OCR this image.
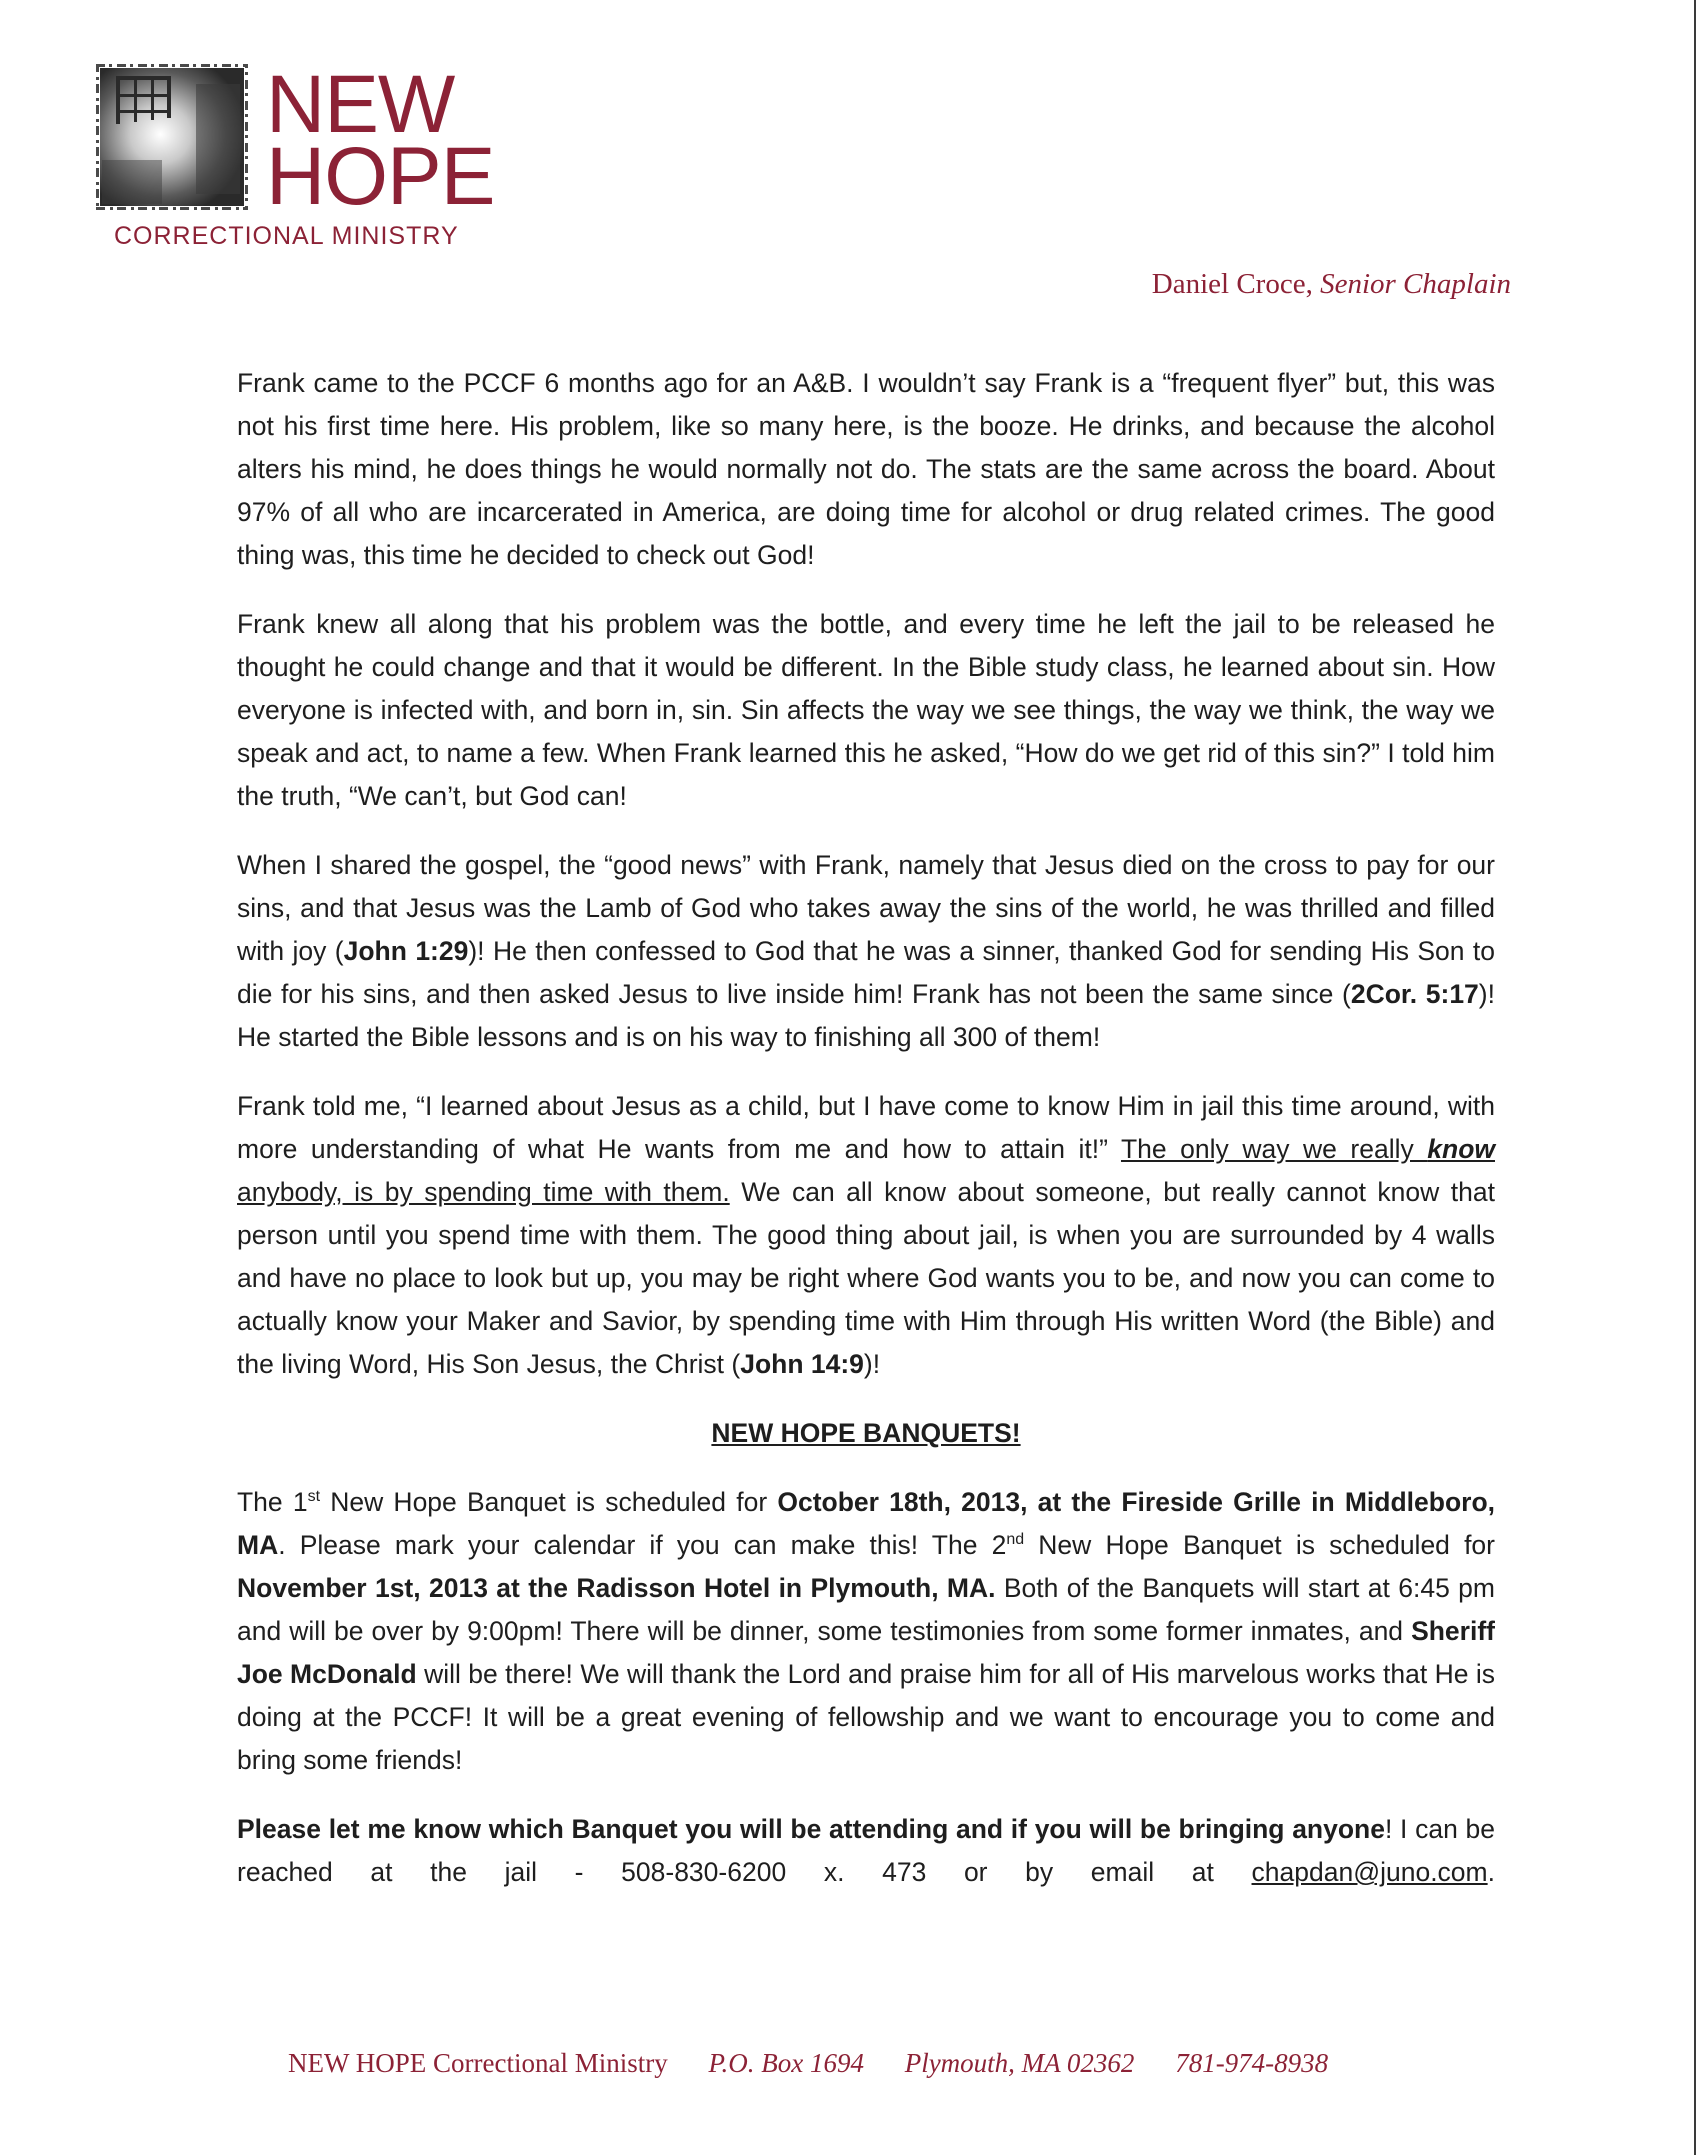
NEW
HOPE
CORRECTIONAL MINISTRY
Daniel Croce, Senior Chaplain

Frank came to the PCCF 6 months ago for an A&B. I wouldn’t say Frank is a “frequent flyer” but, this was not his first time here. His problem, like so many here, is the booze. He drinks, and because the alcohol alters his mind, he does things he would normally not do. The stats are the same across the board. About 97% of all who are incarcerated in America, are doing time for alcohol or drug related crimes. The good thing was, this time he decided to check out God!

Frank knew all along that his problem was the bottle, and every time he left the jail to be released he thought he could change and that it would be different. In the Bible study class, he learned about sin. How everyone is infected with, and born in, sin. Sin affects the way we see things, the way we think, the way we speak and act, to name a few. When Frank learned this he asked, “How do we get rid of this sin?” I told him the truth, “We can’t, but God can!

When I shared the gospel, the “good news” with Frank, namely that Jesus died on the cross to pay for our sins, and that Jesus was the Lamb of God who takes away the sins of the world, he was thrilled and filled with joy (John 1:29)! He then confessed to God that he was a sinner, thanked God for sending His Son to die for his sins, and then asked Jesus to live inside him! Frank has not been the same since (2Cor. 5:17)! He started the Bible lessons and is on his way to finishing all 300 of them!

Frank told me, “I learned about Jesus as a child, but I have come to know Him in jail this time around, with more understanding of what He wants from me and how to attain it!” The only way we really know anybody, is by spending time with them. We can all know about someone, but really cannot know that person until you spend time with them. The good thing about jail, is when you are surrounded by 4 walls and have no place to look but up, you may be right where God wants you to be, and now you can come to actually know your Maker and Savior, by spending time with Him through His written Word (the Bible) and the living Word, His Son Jesus, the Christ (John 14:9)!

NEW HOPE BANQUETS!

The 1st New Hope Banquet is scheduled for October 18th, 2013, at the Fireside Grille in Middleboro, MA. Please mark your calendar if you can make this! The 2nd New Hope Banquet is scheduled for November 1st, 2013 at the Radisson Hotel in Plymouth, MA. Both of the Banquets will start at 6:45 pm and will be over by 9:00pm! There will be dinner, some testimonies from some former inmates, and Sheriff Joe McDonald will be there! We will thank the Lord and praise him for all of His marvelous works that He is doing at the PCCF! It will be a great evening of fellowship and we want to encourage you to come and bring some friends!

Please let me know which Banquet you will be attending and if you will be bringing anyone! I can be reached at the jail - 508-830-6200 x. 473 or by email at chapdan@juno.com.

NEW HOPE Correctional Ministry P.O. Box 1694 Plymouth, MA 02362 781-974-8938
